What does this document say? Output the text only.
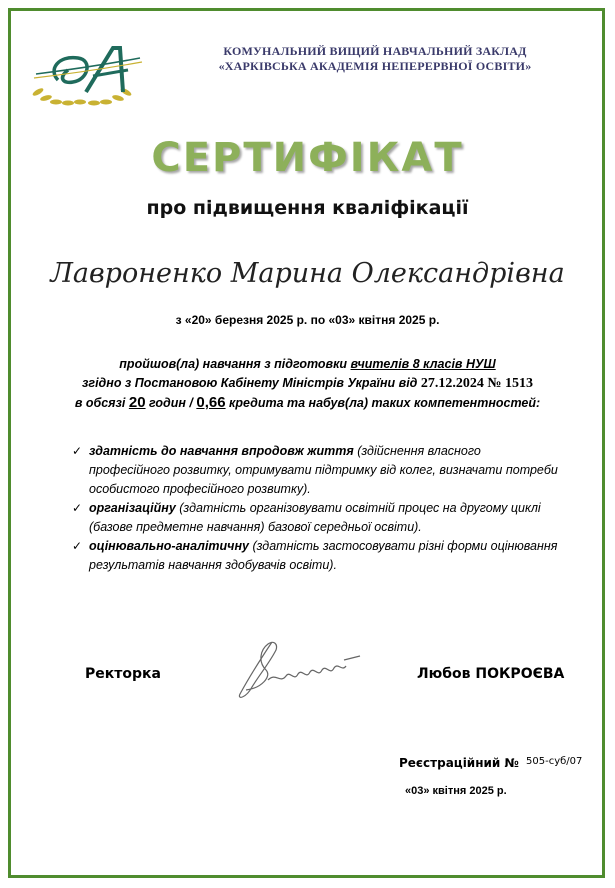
КОМУНАЛЬНИЙ ВИЩИЙ НАВЧАЛЬНИЙ ЗАКЛАД
«ХАРКІВСЬКА АКАДЕМІЯ НЕПЕРЕРВНОЇ ОСВІТИ»
СЕРТИФІКАТ
про підвищення кваліфікації
Лавроненко Марина Олександрівна
з «20» березня 2025 р. по «03» квітня 2025 р.
пройшов(ла) навчання з підготовки вчителів 8 класів НУШ
згідно з Постановою Кабінету Міністрів України від 27.12.2024 № 1513
в обсязі 20 годин / 0,66 кредита та набув(ла) таких компетентностей:
✓ здатність до навчання впродовж життя (здійснення власного професійного розвитку, отримувати підтримку від колег, визначати потреби особистого професійного розвитку).
✓ організаційну (здатність організовувати освітній процес на другому циклі (базове предметне навчання) базової середньої освіти).
✓ оцінювально-аналітичну (здатність застосовувати різні форми оцінювання результатів навчання здобувачів освіти).
Ректорка	Любов ПОКРОЄВА
Реєстраційний № 505-суб/07
«03» квітня 2025 р.
